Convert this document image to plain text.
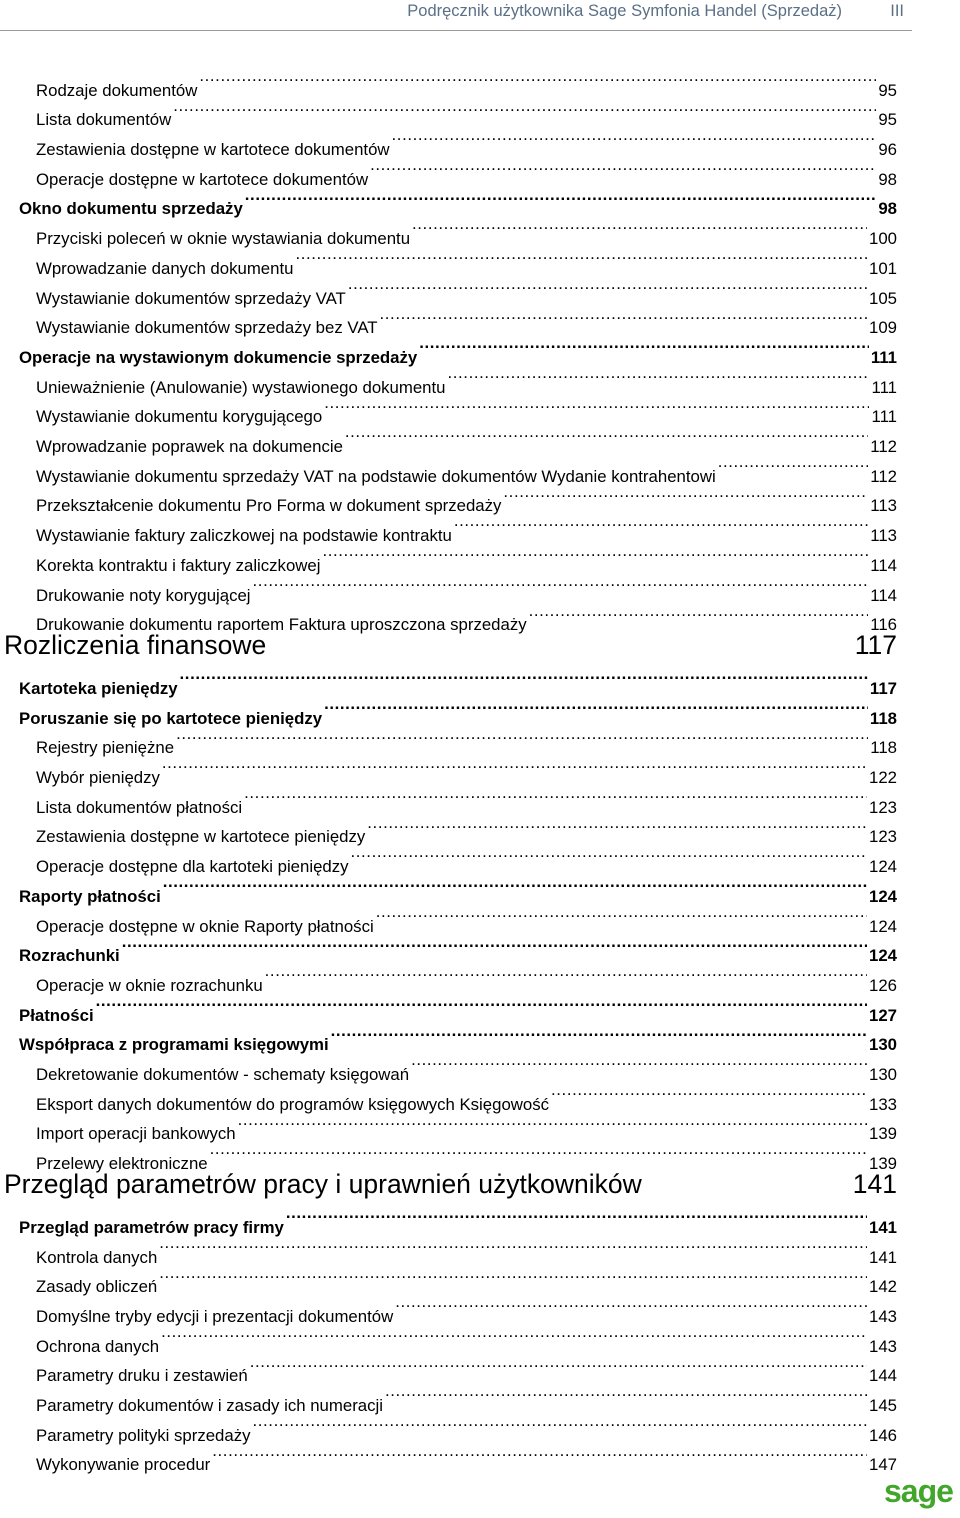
Podręcznik użytkownika Sage Symfonia Handel (Sprzedaż)	III
Rodzaje dokumentów .....	95
Lista dokumentów .....	95
Zestawienia dostępne w kartotece dokumentów .....	96
Operacje dostępne w kartotece dokumentów .....	98
Okno dokumentu sprzedaży .....	98
Przyciski poleceń w oknie wystawiania dokumentu .....	100
Wprowadzanie danych dokumentu .....	101
Wystawianie dokumentów sprzedaży VAT .....	105
Wystawianie dokumentów sprzedaży bez VAT .....	109
Operacje na wystawionym dokumencie sprzedaży .....	111
Unieważnienie (Anulowanie) wystawionego dokumentu .....	111
Wystawianie dokumentu korygującego .....	111
Wprowadzanie poprawek na dokumencie .....	112
Wystawianie dokumentu sprzedaży VAT na podstawie dokumentów Wydanie kontrahentowi .....	112
Przekształcenie dokumentu Pro Forma w dokument sprzedaży .....	113
Wystawianie faktury zaliczkowej na podstawie kontraktu .....	113
Korekta kontraktu i faktury zaliczkowej .....	114
Drukowanie noty korygującej .....	114
Drukowanie dokumentu raportem Faktura uproszczona sprzedaży .....	116
Rozliczenia finansowe	117
Kartoteka pieniędzy .....	117
Poruszanie się po kartotece pieniędzy .....	118
Rejestry pieniężne .....	118
Wybór pieniędzy .....	122
Lista dokumentów płatności .....	123
Zestawienia dostępne w kartotece pieniędzy .....	123
Operacje dostępne dla kartoteki pieniędzy .....	124
Raporty płatności .....	124
Operacje dostępne w oknie Raporty płatności .....	124
Rozrachunki .....	124
Operacje w oknie rozrachunku .....	126
Płatności .....	127
Współpraca z programami księgowymi .....	130
Dekretowanie dokumentów - schematy księgowań .....	130
Eksport danych dokumentów do programów księgowych Księgowość .....	133
Import operacji bankowych .....	139
Przelewy elektroniczne .....	139
Przegląd parametrów pracy i uprawnień użytkowników	141
Przegląd parametrów pracy firmy .....	141
Kontrola danych .....	141
Zasady obliczeń .....	142
Domyślne tryby edycji i prezentacji dokumentów .....	143
Ochrona danych .....	143
Parametry druku i zestawień .....	144
Parametry dokumentów i zasady ich numeracji .....	145
Parametry polityki sprzedaży .....	146
Wykonywanie procedur .....	147
sage
